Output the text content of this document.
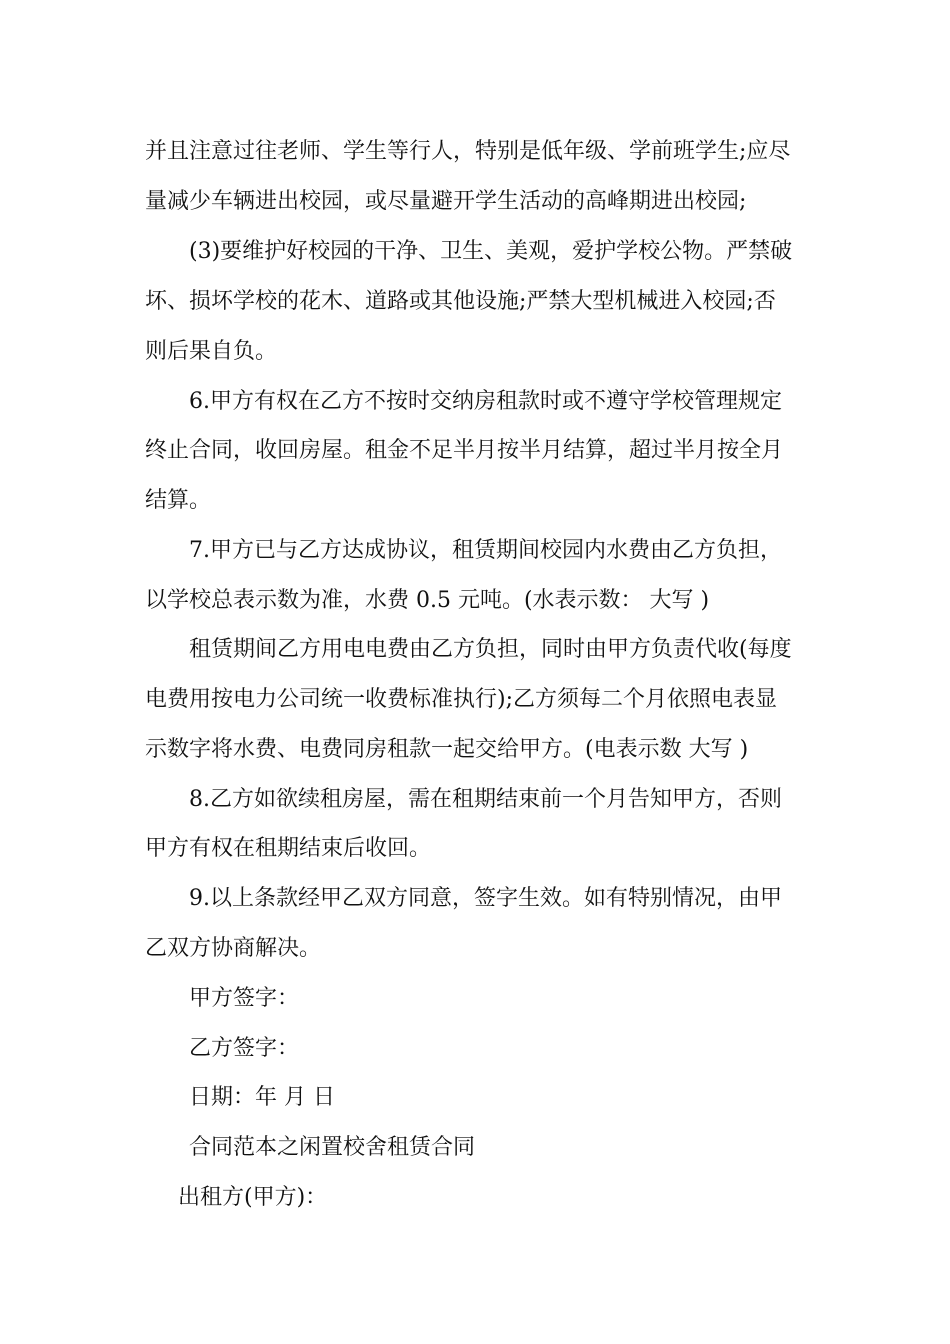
并且注意过往老师、学生等行人，特别是低年级、学前班学生;应尽
量减少车辆进出校园，或尽量避开学生活动的高峰期进出校园;
(3)要维护好校园的干净、卫生、美观，爱护学校公物。严禁破
坏、损坏学校的花木、道路或其他设施;严禁大型机械进入校园;否
则后果自负。
6.甲方有权在乙方不按时交纳房租款时或不遵守学校管理规定
终止合同，收回房屋。租金不足半月按半月结算，超过半月按全月
结算。
7.甲方已与乙方达成协议，租赁期间校园内水费由乙方负担，
以学校总表示数为准，水费 0.5 元吨。(水表示数： 大写 )
租赁期间乙方用电电费由乙方负担，同时由甲方负责代收(每度
电费用按电力公司统一收费标准执行);乙方须每二个月依照电表显
示数字将水费、电费同房租款一起交给甲方。(电表示数 大写 )
8.乙方如欲续租房屋，需在租期结束前一个月告知甲方，否则
甲方有权在租期结束后收回。
9.以上条款经甲乙双方同意，签字生效。如有特别情况，由甲
乙双方协商解决。
甲方签字：
乙方签字：
日期：年 月 日
合同范本之闲置校舍租赁合同
出租方(甲方)：
